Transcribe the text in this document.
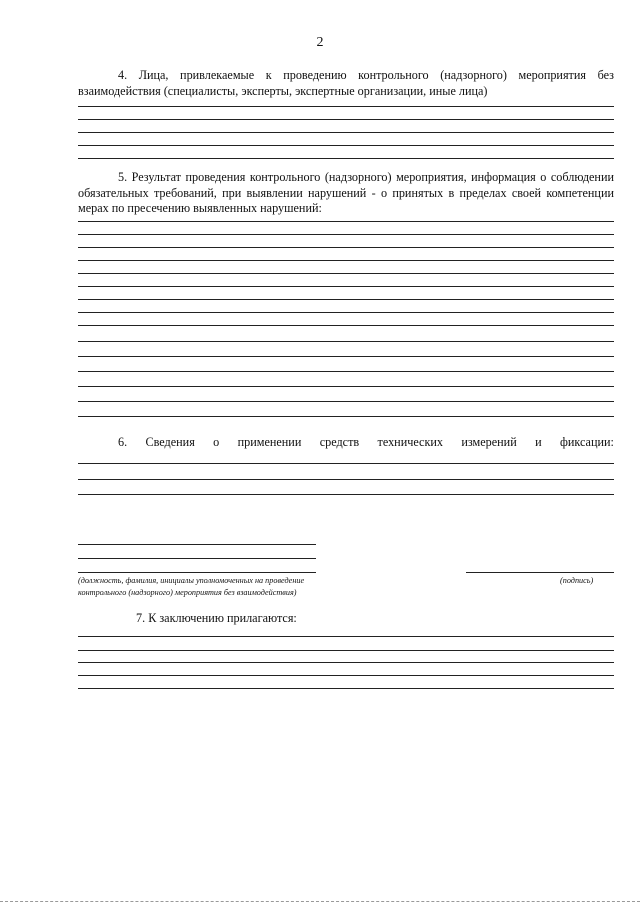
2

4. Лица, привлекаемые к проведению контрольного (надзорного) мероприятия без взаимодействия (специалисты, эксперты, экспертные организации, иные лица)

5. Результат проведения контрольного (надзорного) мероприятия, информация о соблюдении обязательных требований, при выявлении нарушений - о принятых в пределах своей компетенции мерах по пресечению выявленных нарушений:

6. Сведения о применении средств технических измерений и фиксации:

(должность, фамилия, инициалы уполномоченных на проведение
контрольного (надзорного) мероприятия без взаимодействия)

(подпись)

7. К заключению прилагаются:
